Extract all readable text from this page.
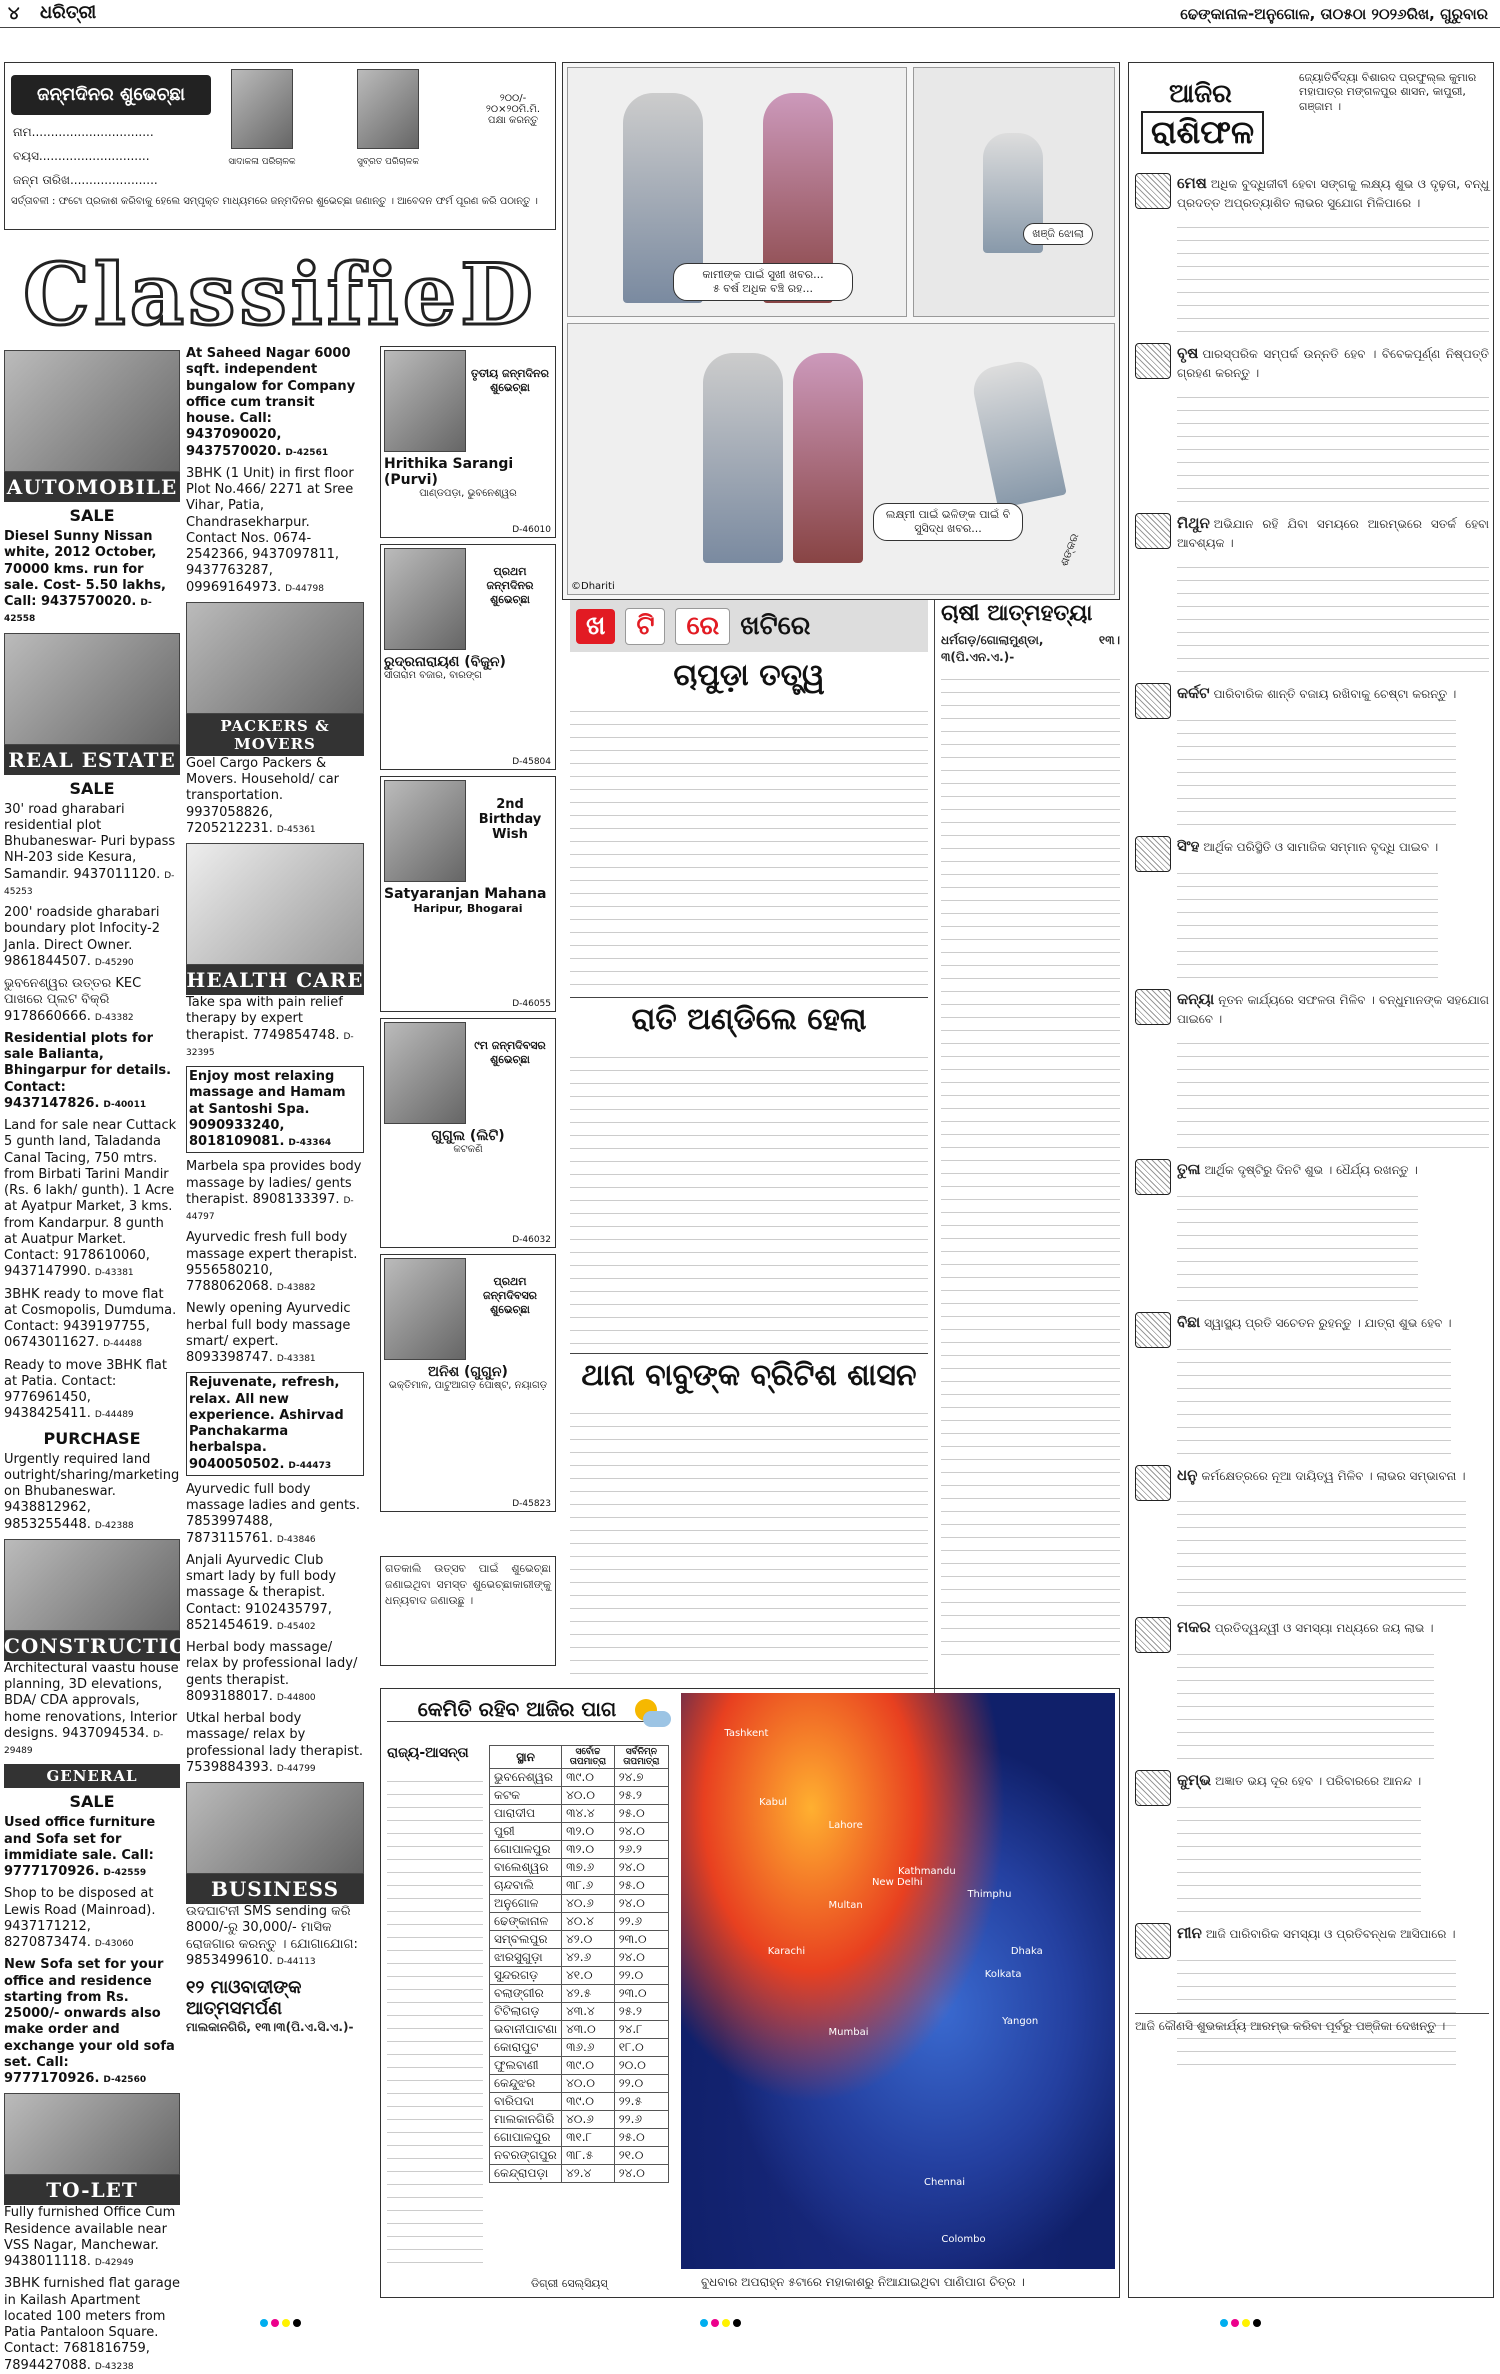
୪ ଧରିତ୍ରୀ	ଢେଙ୍କାନାଳ-ଅନୁଗୋଳ, ତା୦୫ଠା ୨୦୨୬ରିଖ, ଗୁରୁବାର
ଜନ୍ମଦିନର ଶୁଭେଚ୍ଛା	୨୦୦/- ୨୦×୨୦ମି.ମି. ପକ୍ଷା କରନ୍ତୁ
ନାମ................................
ବୟସ.............................
ଜନ୍ମ ତାରିଖ.......................
ସାଦାକଳା ପରିଚାଳକ	ସୁବ୍ରତ ପରିଚାଳକ
ସର୍ତ୍ତାବଳୀ : ଫଟୋ ପ୍ରକାଶ କରିବାକୁ ହେଲେ ସମ୍ପୃକ୍ତ ମାଧ୍ୟମରେ ଜନ୍ମଦିନର ଶୁଭେଚ୍ଛା ଜଣାନ୍ତୁ । ଆବେଦନ ଫର୍ମ ପୂରଣ କରି ପଠାନ୍ତୁ ।
ClassifieD
AUTOMOBILE
SALE
Diesel Sunny Nissan white, 2012 October, 70000 kms. run for sale. Cost- 5.50 lakhs, Call: 9437570020. D-42558
REAL ESTATE
SALE
30' road gharabari residential plot Bhubaneswar- Puri bypass NH-203 side Kesura, Samandir. 9437011120. D-45253
200' roadside gharabari boundary plot Infocity-2 Janla. Direct Owner. 9861844507. D-45290
ଭୁବନେଶ୍ୱର ଉତ୍ତର KEC ପାଖରେ ପ୍ଲଟ ବିକ୍ରି 9178660666. D-43382
Residential plots for sale Balianta, Bhingarpur for details. Contact: 9437147826. D-40011
Land for sale near Cuttack 5 gunth land, Taladanda Canal Tacing, 750 mtrs. from Birbati Tarini Mandir (Rs. 6 lakh/ gunth). 1 Acre at Ayatpur Market, 3 kms. from Kandarpur. 8 gunth at Auatpur Market. Contact: 9178610060, 9437147990. D-43381
3BHK ready to move flat at Cosmopolis, Dumduma. Contact: 9439197755, 06743011627. D-44488
Ready to move 3BHK flat at Patia. Contact: 9776961450, 9438425411. D-44489
PURCHASE
Urgently required land outright/sharing/marketing on Bhubaneswar. 9438812962, 9853255448. D-42388
CONSTRUCTION
Architectural vaastu house planning, 3D elevations, BDA/ CDA approvals, home renovations, Interior designs. 9437094534. D-29489
GENERAL
SALE
Used office furniture and Sofa set for immidiate sale. Call: 9777170926. D-42559
Shop to be disposed at Lewis Road (Mainroad). 9437171212, 8270873474. D-43060
New Sofa set for your office and residence starting from Rs. 25000/- onwards also make order and exchange your old sofa set. Call: 9777170926. D-42560
TO-LET
Fully furnished Office Cum Residence available near VSS Nagar, Manchewar. 9438011118. D-42949
3BHK furnished flat garage in Kailash Apartment located 100 meters from Patia Pantaloon Square. Contact: 7681816759, 7894427088. D-43238
At Saheed Nagar 6000 sqft. independent bungalow for Company office cum transit house. Call: 9437090020, 9437570020. D-42561
3BHK (1 Unit) in first floor Plot No.466/ 2271 at Sree Vihar, Patia, Chandrasekharpur. Contact Nos. 0674- 2542366, 9437097811, 9437763287, 09969164973. D-44798
PACKERS & MOVERS
Goel Cargo Packers & Movers. Household/ car transportation. 9937058826, 7205212231. D-45361
HEALTH CARE
Take spa with pain relief therapy by expert therapist. 7749854748. D-32395
Enjoy most relaxing massage and Hamam at Santoshi Spa. 9090933240, 8018109081. D-43364
Marbela spa provides body massage by ladies/ gents therapist. 8908133397. D-44797
Ayurvedic fresh full body massage expert therapist. 9556580210, 7788062068. D-43882
Newly opening Ayurvedic herbal full body massage smart/ expert. 8093398747. D-43381
Rejuvenate, refresh, relax. All new experience. Ashirvad Panchakarma herbalspa. 9040050502. D-44473
Ayurvedic full body massage ladies and gents. 7853997488, 7873115761. D-43846
Anjali Ayurvedic Club smart lady by full body massage & therapist. Contact: 9102435797, 8521454619. D-45402
Herbal body massage/ relax by professional lady/ gents therapist. 8093188017. D-44800
Utkal herbal body massage/ relax by professional lady therapist. 7539884393. D-44799
BUSINESS
ଉଦଘାଟନୀ SMS sending କରି 8000/-ରୁ 30,000/- ମାସିକ ରୋଜଗାର କରନ୍ତୁ । ଯୋଗାଯୋଗ: 9853499610. D-44113
୧୨ ମାଓବାଦୀଙ୍କ ଆତ୍ମସମର୍ପଣ
ମାଲକାନଗିରି, ୧୩।୩(ପି.ଏ.ସି.ଏ.)-
ତୃତୀୟ ଜନ୍ମଦିନର ଶୁଭେଚ୍ଛା
Hrithika Sarangi (Purvi)
ପାଣ୍ଡପଡ଼ା, ଭୁବନେଶ୍ୱର
D-46010
ପ୍ରଥମ ଜନ୍ମଦିନର ଶୁଭେଚ୍ଛା
ରୁଦ୍ରନାରାୟଣ (ବିଜୁନ)
ସୀତାରାମ ବଜାର, ବାରଙ୍ଗ
D-45804
2nd Birthday Wish
Satyaranjan Mahana
Haripur, Bhogarai
D-46055
୯ମ ଜନ୍ମଦିବସର ଶୁଭେଚ୍ଛା
ଗୁଗୁଲ (ଲିଟି)
କଟକଣି
D-46032
ପ୍ରଥମ ଜନ୍ମଦିବସର ଶୁଭେଚ୍ଛା
ଅନିଶ (ଗୁଗୁନ)
ଭକ୍ତିମାଳ, ପାଟୁଆଗଡ଼ ପୋଷ୍ଟ, ନୟାଗଡ଼
D-45823
ଗତକାଲି ଉତ୍ସବ ପାଇଁ ଶୁଭେଚ୍ଛା ଜଣାଇଥିବା ସମସ୍ତ ଶୁଭେଚ୍ଛାକାରୀଙ୍କୁ ଧନ୍ୟବାଦ ଜଣାଉଛୁ ।
କାମୀଙ୍କ ପାଇଁ ସୁଖୀ ଖବର...
୫ ବର୍ଷ ଅଧିକ ବଞ୍ଚି ରହ...
ଖଞ୍ଜି ଝୋଲା
ଲକ୍ଷ୍ମୀ ପାଇଁ ଭଳିଙ୍କ ପାଇଁ ବି ସୁସିଦ୍ଧ ଖବର...
ଶଙ୍କର
©Dhariti
ଖ	ଟି	ରେ ଖଟିରେ
ଚାପୁଡ଼ା ତତ୍ତ୍ୱ
ରାତି ଅଣ୍ଡିଲେ ହେଲା
ଥାନା ବାବୁଙ୍କ ବ୍ରିଟିଶ ଶାସନ
ଚାଷୀ ଆତ୍ମହତ୍ୟା
ଧର୍ମଗଡ଼/ଗୋଲାମୁଣ୍ଡା, ୧୩।୩(ପି.ଏନ.ଏ.)-
କେମିତି ରହିବ ଆଜିର ପାଗ
ରାଜ୍ୟ-ଆସନ୍ତା	ସ୍ଥାନ	ସର୍ବୋଚ୍ଚ ତାପମାତ୍ରା	ସର୍ବନିମ୍ନ ତାପମାତ୍ରା
ଭୁବନେଶ୍ୱର	୩୯.୦	୨୪.୭
କଟକ	୪୦.୦	୨୫.୨
ପାରାଦୀପ	୩୪.୪	୨୫.୦
ପୁରୀ	୩୨.୦	୨୪.୦
ଗୋପାଳପୁର	୩୨.୦	୨୬.୨
ବାଲେଶ୍ୱର	୩୭.୬	୨୪.୦
ଚାନ୍ଦବାଲି	୩୮.୬	୨୫.୦
ଅନୁଗୋଳ	୪୦.୬	୨୪.୦
ଢେଙ୍କାନାଳ	୪୦.୪	୨୨.୬
ସମ୍ବଲପୁର	୪୨.୦	୨୩.୦
ଝାରସୁଗୁଡ଼ା	୪୨.୬	୨୪.୦
ସୁନ୍ଦରଗଡ଼	୪୧.୦	୨୨.୦
ବଲାଙ୍ଗୀର	୪୨.୫	୨୩.୦
ଟିଟିଲାଗଡ଼	୪୩.୪	୨୫.୨
ଭବାନୀପାଟଣା	୪୩.୦	୨୪.୮
କୋରାପୁଟ	୩୬.୬	୧୮.୦
ଫୁଲବାଣୀ	୩୯.୦	୨୦.୦
କେନ୍ଦୁଝର	୪୦.୦	୨୨.୦
ବାରିପଦା	୩୯.୦	୨୨.୫
ମାଲକାନଗିରି	୪୦.୬	୨୨.୬
ଗୋପାଳପୁର	୩୧.୮	୨୫.୦
ନବରଙ୍ଗପୁର	୩୮.୫	୨୧.୦
କେନ୍ଦ୍ରାପଡ଼ା	୪୨.୪	୨୪.୦
ଡିଗ୍ରୀ ସେଲ୍ସିୟସ୍
Tashkent
Kabul
Lahore
New Delhi
Kolkata
Mumbai
Chennai
Colombo
Dhaka
Yangon
Kathmandu
Thimphu
Karachi
Multan
ବୁଧବାର ଅପରାହ୍ନ ୫ଟାରେ ମହାକାଶରୁ ନିଆଯାଇଥିବା ପାଣିପାଗ ଚିତ୍ର ।
ଆଜିର
ରାଶିଫଳ
ଜ୍ୟୋତିର୍ବିଦ୍ୟା ବିଶାରଦ ପ୍ରଫୁଲ୍ଲ କୁମାର ମହାପାତ୍ର ମଙ୍ଗଳପୁର ଶାସନ, କାପୁରୀ, ଗଞ୍ଜାମ ।
ମେଷ ଅଧିକ ବୁଦ୍ଧିଜୀବୀ ହେବା ସଙ୍ଗକୁ ଲକ୍ଷ୍ୟ ଶୁଭ ଓ ଦୃଢ଼ତା, ବନ୍ଧୁ ପ୍ରଦତ୍ତ ଅପ୍ରତ୍ୟାଶିତ ଲାଭର ସୁଯୋଗ ମିଳିପାରେ ।
ବୃଷ ପାରସ୍ପରିକ ସମ୍ପର୍କ ଉନ୍ନତି ହେବ । ବିବେକପୂର୍ଣ୍ଣ ନିଷ୍ପତ୍ତି ଗ୍ରହଣ କରନ୍ତୁ ।
ମିଥୁନ ଅଭିଯାନ ରହି ଯିବା ସମୟରେ ଆରମ୍ଭରେ ସତର୍କ ହେବା ଆବଶ୍ୟକ ।
କର୍କଟ ପାରିବାରିକ ଶାନ୍ତି ବଜାୟ ରଖିବାକୁ ଚେଷ୍ଟା କରନ୍ତୁ ।
ସିଂହ ଆର୍ଥିକ ପରିସ୍ଥିତି ଓ ସାମାଜିକ ସମ୍ମାନ ବୃଦ୍ଧି ପାଇବ ।
କନ୍ୟା ନୂତନ କାର୍ଯ୍ୟରେ ସଫଳତା ମିଳିବ । ବନ୍ଧୁମାନଙ୍କ ସହଯୋଗ ପାଇବେ ।
ତୁଳା ଆର୍ଥିକ ଦୃଷ୍ଟିରୁ ଦିନଟି ଶୁଭ । ଧୈର୍ଯ୍ୟ ରଖନ୍ତୁ ।
ବିଛା ସ୍ୱାସ୍ଥ୍ୟ ପ୍ରତି ସଚେତନ ରୁହନ୍ତୁ । ଯାତ୍ରା ଶୁଭ ହେବ ।
ଧନୁ କର୍ମକ୍ଷେତ୍ରରେ ନୂଆ ଦାୟିତ୍ୱ ମିଳିବ । ଲାଭର ସମ୍ଭାବନା ।
ମକର ପ୍ରତିଦ୍ୱନ୍ଦ୍ୱୀ ଓ ସମସ୍ୟା ମଧ୍ୟରେ ଜୟ ଲାଭ ।
କୁମ୍ଭ ଅଜ୍ଞାତ ଭୟ ଦୂର ହେବ । ପରିବାରରେ ଆନନ୍ଦ ।
ମୀନ ଆଜି ପାରିବାରିକ ସମସ୍ୟା ଓ ପ୍ରତିବନ୍ଧକ ଆସିପାରେ ।
ଆଜି କୌଣସି ଶୁଭକାର୍ଯ୍ୟ ଆରମ୍ଭ କରିବା ପୂର୍ବରୁ ପଞ୍ଜିକା ଦେଖନ୍ତୁ ।
